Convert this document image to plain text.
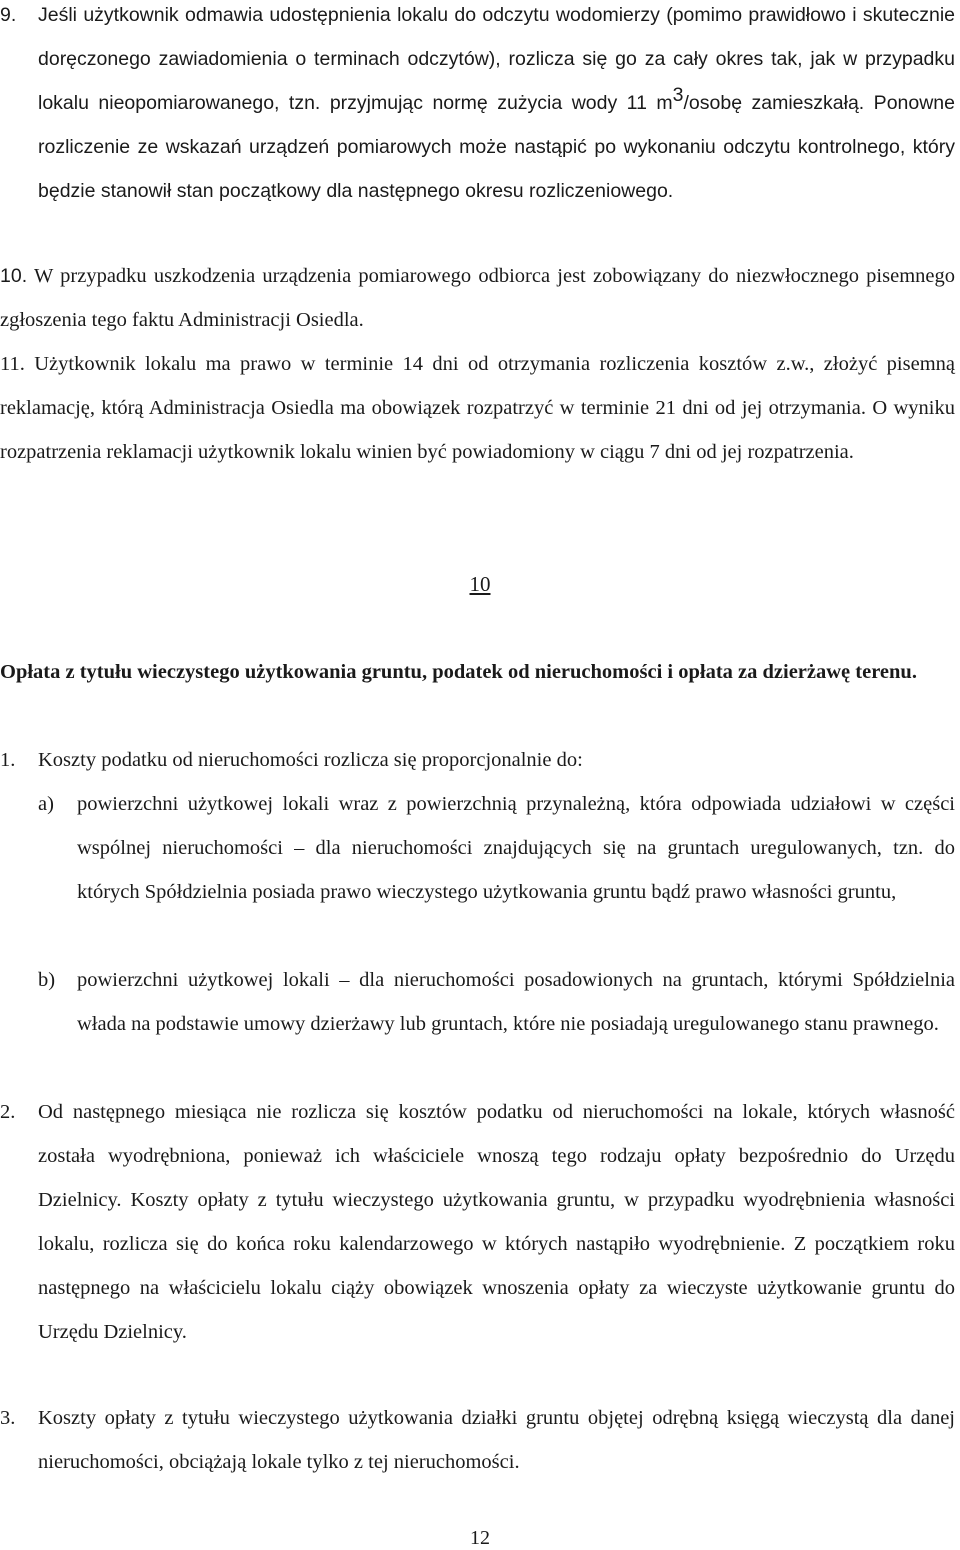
9. Jeśli użytkownik odmawia udostępnienia lokalu do odczytu wodomierzy (pomimo prawidłowo i skutecznie doręczonego zawiadomienia o terminach odczytów), rozlicza się go za cały okres tak, jak w przypadku lokalu nieopomiarowanego, tzn. przyjmując normę zużycia wody 11 $m^3$/osobę zamieszkałą. Ponowne rozliczenie ze wskazań urządzeń pomiarowych może nastąpić po wykonaniu odczytu kontrolnego, który będzie stanowił stan początkowy dla następnego okresu rozliczeniowego.
10. W przypadku uszkodzenia urządzenia pomiarowego odbiorca jest zobowiązany do niezwłocznego pisemnego zgłoszenia tego faktu Administracji Osiedla.
11. Użytkownik lokalu ma prawo w terminie 14 dni od otrzymania rozliczenia kosztów z.w., złożyć pisemną reklamację, którą Administracja Osiedla ma obowiązek rozpatrzyć w terminie 21 dni od jej otrzymania. O wyniku rozpatrzenia reklamacji użytkownik lokalu winien być powiadomiony w ciągu 7 dni od jej rozpatrzenia.
10
Opłata z tytułu wieczystego użytkowania gruntu, podatek od nieruchomości i opłata za dzierżawę terenu.
1. Koszty podatku od nieruchomości rozlicza się proporcjonalnie do:
a) powierzchni użytkowej lokali wraz z powierzchnią przynależną, która odpowiada udziałowi w części wspólnej nieruchomości – dla nieruchomości znajdujących się na gruntach uregulowanych, tzn. do których Spółdzielnia posiada prawo wieczystego użytkowania gruntu bądź prawo własności gruntu,
b) powierzchni użytkowej lokali – dla nieruchomości posadowionych na gruntach, którymi Spółdzielnia włada na podstawie umowy dzierżawy lub gruntach, które nie posiadają uregulowanego stanu prawnego.
2. Od następnego miesiąca nie rozlicza się kosztów podatku od nieruchomości na lokale, których własność została wyodrębniona, ponieważ ich właściciele wnoszą tego rodzaju opłaty bezpośrednio do Urzędu Dzielnicy. Koszty opłaty z tytułu wieczystego użytkowania gruntu, w przypadku wyodrębnienia własności lokalu, rozlicza się do końca roku kalendarzowego w których nastąpiło wyodrębnienie. Z początkiem roku następnego na właścicielu lokalu ciąży obowiązek wnoszenia opłaty za wieczyste użytkowanie gruntu do Urzędu Dzielnicy.
3. Koszty opłaty z tytułu wieczystego użytkowania działki gruntu objętej odrębną księgą wieczystą dla danej nieruchomości, obciążają lokale tylko z tej nieruchomości.
12
